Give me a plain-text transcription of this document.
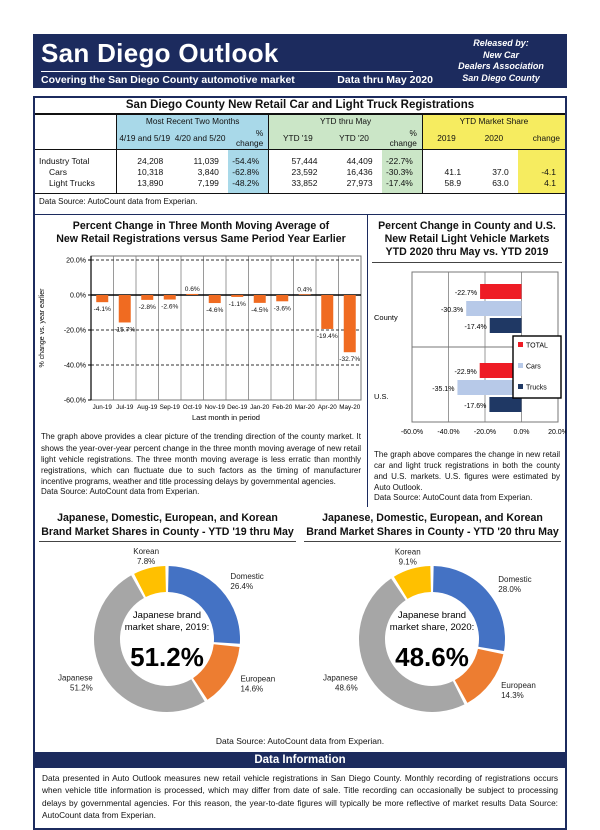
San Diego Outlook
Covering the San Diego County automotive market	Data thru May 2020
Released by:
New Car
Dealers Association
San Diego County
San Diego County New Retail Car and Light Truck Registrations
	Most Recent Two Months			YTD thru May			YTD Market Share		
	4/19 and 5/19	4/20 and 5/20	% change	YTD '19	YTD '20	% change	2019	2020	change
Industry Total	24,208	11,039	-54.4%	57,444	44,409	-22.7%			
Cars	10,318	3,840	-62.8%	23,592	16,436	-30.3%	41.1	37.0	-4.1
Light Trucks	13,890	7,199	-48.2%	33,852	27,973	-17.4%	58.9	63.0	4.1
Data Source: AutoCount data from Experian.
Percent Change in Three Month Moving Average of
New Retail Registrations versus Same Period Year Earlier
-4.1%
-15.7%
-2.8% -2.6%
0.6%
-4.6%
-1.1%
-4.5% -3.6%
0.4%
-19.4%
-32.7%
20.0%
0.0%
-20.0%
-40.0%
-60.0%
% change vs. year earlier
Jun-19 Jul-19 Aug-19 Sep-19 Oct-19 Nov-19 Dec-19 Jan-20 Feb-20 Mar-20 Apr-20 May-20
Last month in period

The graph above provides a clear picture of the trending direction of the county market. It shows the year-over-year percent change in the three month moving average of new retail light vehicle registrations. The three month moving average is less erratic than monthly registrations, which can fluctuate due to such factors as the timing of manufacturer incentive programs, weather and title processing delays by governmental agencies.

Data Source: AutoCount data from Experian.
Percent Change in County and U.S.
New Retail Light Vehicle Markets
YTD 2020 thru May vs. YTD 2019
-22.7%
-22.9%
-30.3%
-35.1%
-17.4%
-17.6%
County
U.S.
-60.0% -40.0% -20.0% 0.0%	20.0%
TOTAL
Cars
Trucks

The graph above compares the change in new retail car and light truck registrations in both the county and U.S. markets. U.S. figures were estimated by Auto Outlook.

Data Source: AutoCount data from Experian.
Japanese, Domestic, European, and Korean
Brand Market Shares in County - YTD '19 thru May
Domestic 26.4%
European 14.6%
Japanese 51.2%
Korean 7.8%
Japanese brand
market share, 2019:
51.2%
Japanese, Domestic, European, and Korean
Brand Market Shares in County - YTD '20 thru May
Domestic 28.0%
European 14.3%
Japanese 48.6%
Korean 9.1%
Japanese brand
market share, 2020:
48.6%
Data Source: AutoCount data from Experian.
Data Information

Data presented in Auto Outlook measures new retail vehicle registrations in San Diego County. Monthly recording of registrations occurs when vehicle title information is processed, which may differ from date of sale. Title recording can occasionally be subject to processing delays by governmental agencies. For this reason, the year-to-date figures will typically be more reflective of market results Data Source: AutoCount data from Experian.
